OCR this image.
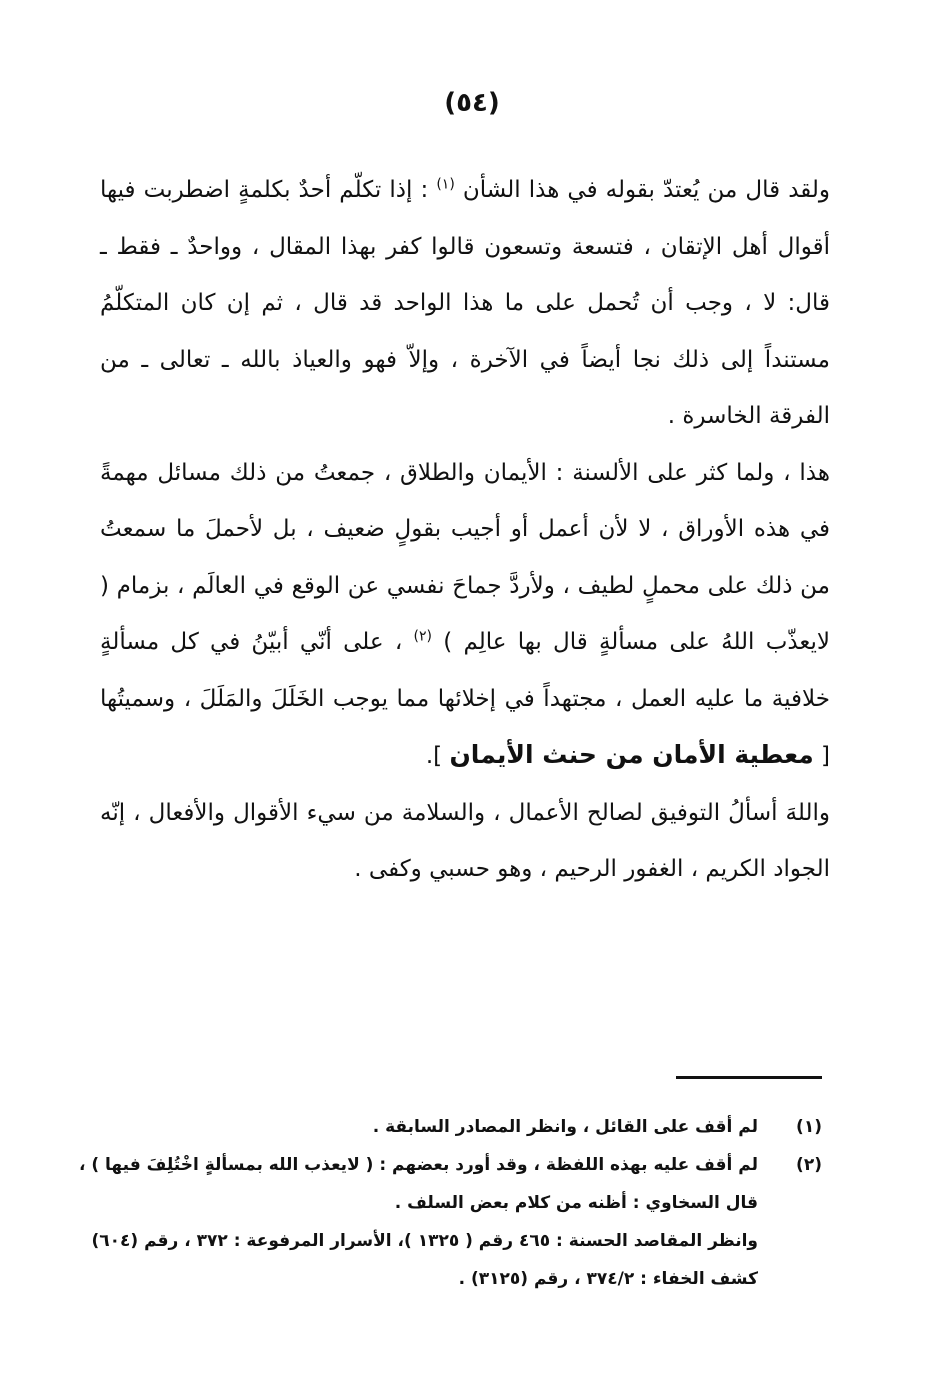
(٥٤)

ولقد قال من يُعتدّ بقوله في هذا الشأن $^{(١)}$ : إذا تكلّم أحدٌ بكلمةٍ اضطربت فيها أقوال أهل الإتقان ، فتسعة وتسعون قالوا كفر بهذا المقال ، وواحدٌ ـ فقط ـ قال: لا ، وجب أن تُحمل على ما هذا الواحد قد قال ، ثم إن كان المتكلّمُ مستنداً إلى ذلك نجا أيضاً في الآخرة ، وإلاّ فهو والعياذ بالله ـ تعالى ـ من الفرقة الخاسرة .

هذا ، ولما كثر على الألسنة : الأيمان والطلاق ، جمعتُ من ذلك مسائل مهمةً في هذه الأوراق ، لا لأن أعمل أو أجيب بقولٍ ضعيف ، بل لأحملَ ما سمعتُ من ذلك على محملٍ لطيف ، ولأردَّ جماحَ نفسي عن الوقع في العالَم ، بزمام ( لايعذّب اللهُ على مسألةٍ قال بها عالِم ) $^{(٢)}$ ، على أنّي أبيّنُ في كل مسألةٍ خلافية ما عليه العمل ، مجتهداً في إخلائها مما يوجب الخَلَلَ والمَلَلَ ، وسميتُها [ معطية الأمان من حنث الأيمان ].

واللهَ أسألُ التوفيق لصالح الأعمال ، والسلامة من سيء الأقوال والأفعال ، إنّه الجواد الكريم ، الغفور الرحيم ، وهو حسبي وكفى .

(١)
لم أقف على القائل ، وانظر المصادر السابقة .
(٢)
لم أقف عليه بهذه اللفظة ، وقد أورد بعضهم : ( لايعذب الله بمسألةٍ اخْتُلِفَ فيها ) ،
قال السخاوي : أظنه من كلام بعض السلف .
وانظر المقاصد الحسنة : ٤٦٥ رقم ( ١٣٢٥ )، الأسرار المرفوعة : ٣٧٢ ، رقم (٦٠٤)
كشف الخفاء : ٣٧٤/٢ ، رقم (٣١٢٥) .
